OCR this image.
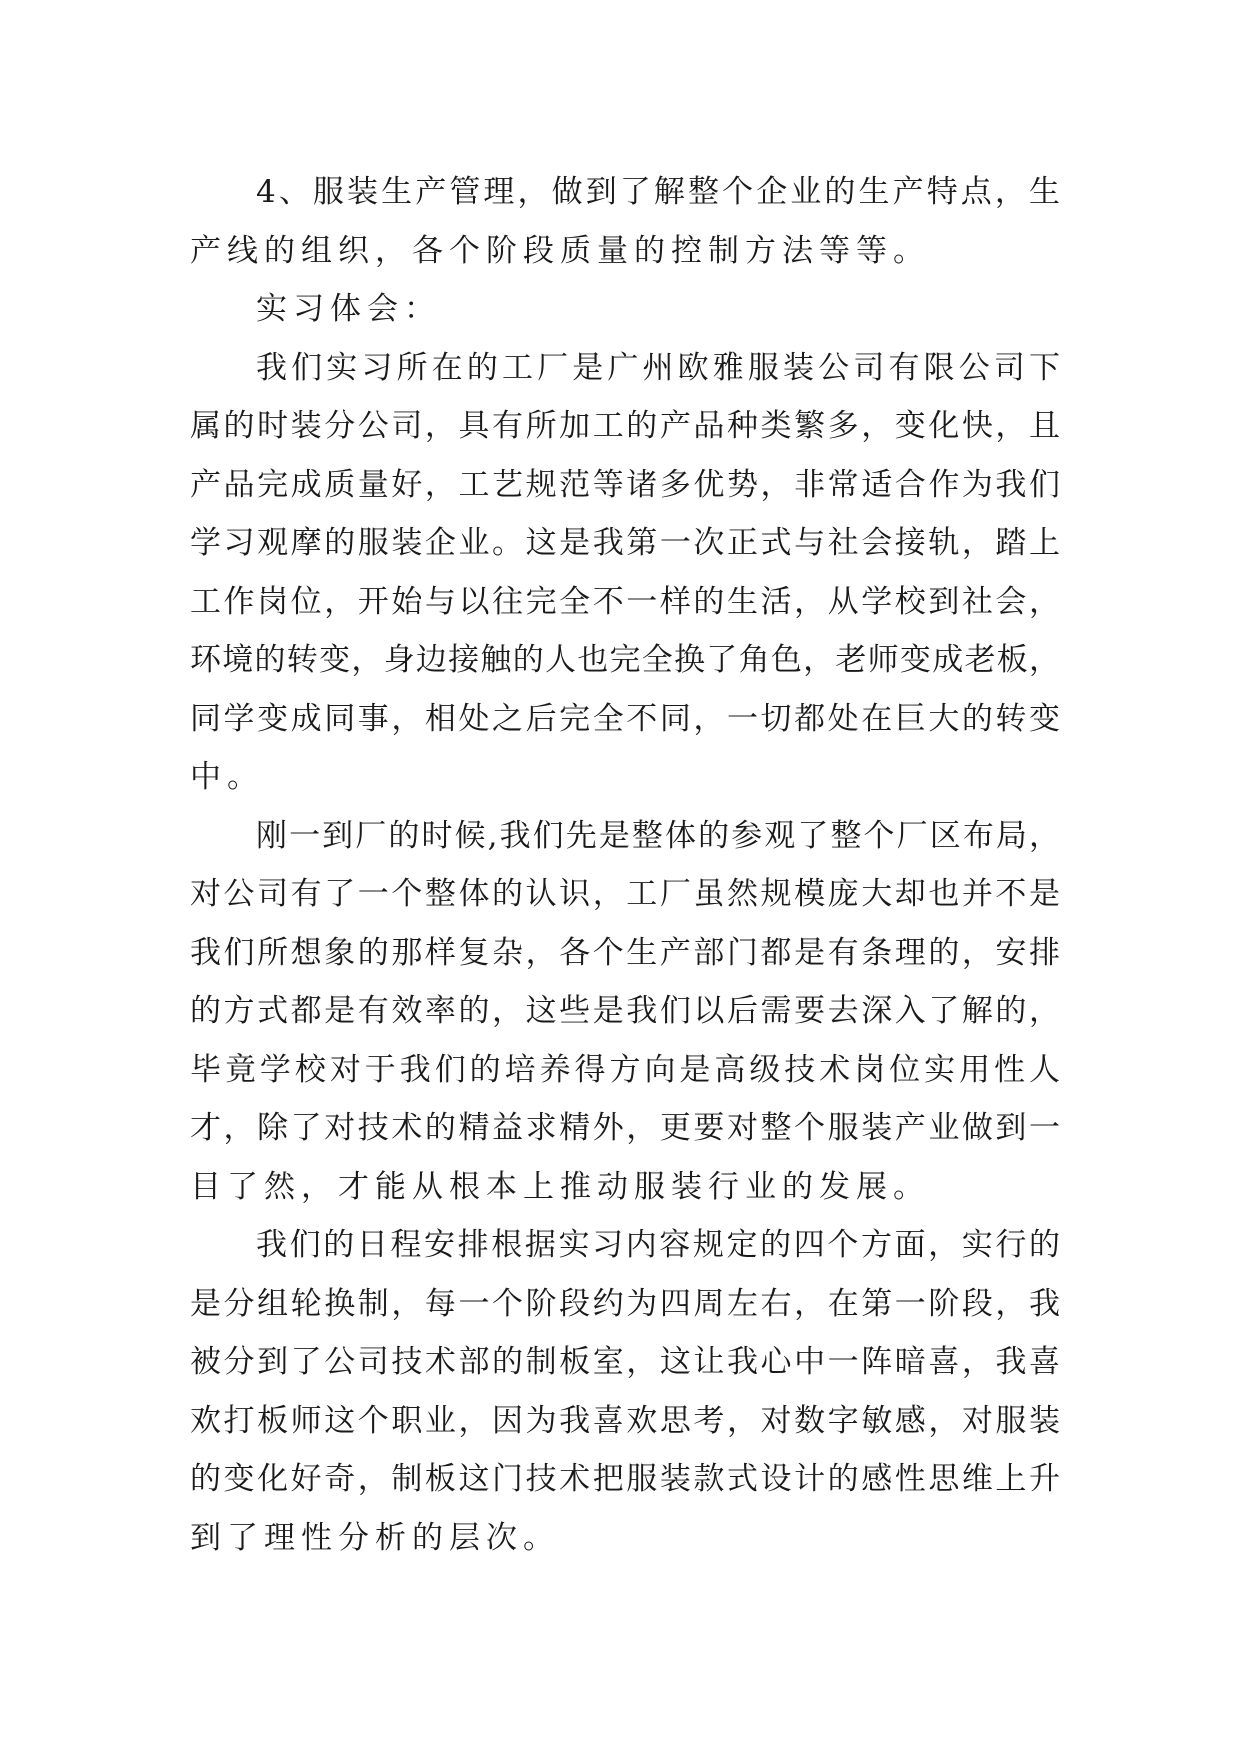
4、服装生产管理，做到了解整个企业的生产特点，生
产线的组织，各个阶段质量的控制方法等等。
实习体会：
我们实习所在的工厂是广州欧雅服装公司有限公司下
属的时装分公司，具有所加工的产品种类繁多，变化快，且
产品完成质量好，工艺规范等诸多优势，非常适合作为我们
学习观摩的服装企业。这是我第一次正式与社会接轨，踏上
工作岗位，开始与以往完全不一样的生活，从学校到社会，
环境的转变，身边接触的人也完全换了角色，老师变成老板，
同学变成同事，相处之后完全不同，一切都处在巨大的转变
中。
刚一到厂的时候,我们先是整体的参观了整个厂区布局，
对公司有了一个整体的认识，工厂虽然规模庞大却也并不是
我们所想象的那样复杂，各个生产部门都是有条理的，安排
的方式都是有效率的，这些是我们以后需要去深入了解的，
毕竟学校对于我们的培养得方向是高级技术岗位实用性人
才，除了对技术的精益求精外，更要对整个服装产业做到一
目了然，才能从根本上推动服装行业的发展。
我们的日程安排根据实习内容规定的四个方面，实行的
是分组轮换制，每一个阶段约为四周左右，在第一阶段，我
被分到了公司技术部的制板室，这让我心中一阵暗喜，我喜
欢打板师这个职业，因为我喜欢思考，对数字敏感，对服装
的变化好奇，制板这门技术把服装款式设计的感性思维上升
到了理性分析的层次。
